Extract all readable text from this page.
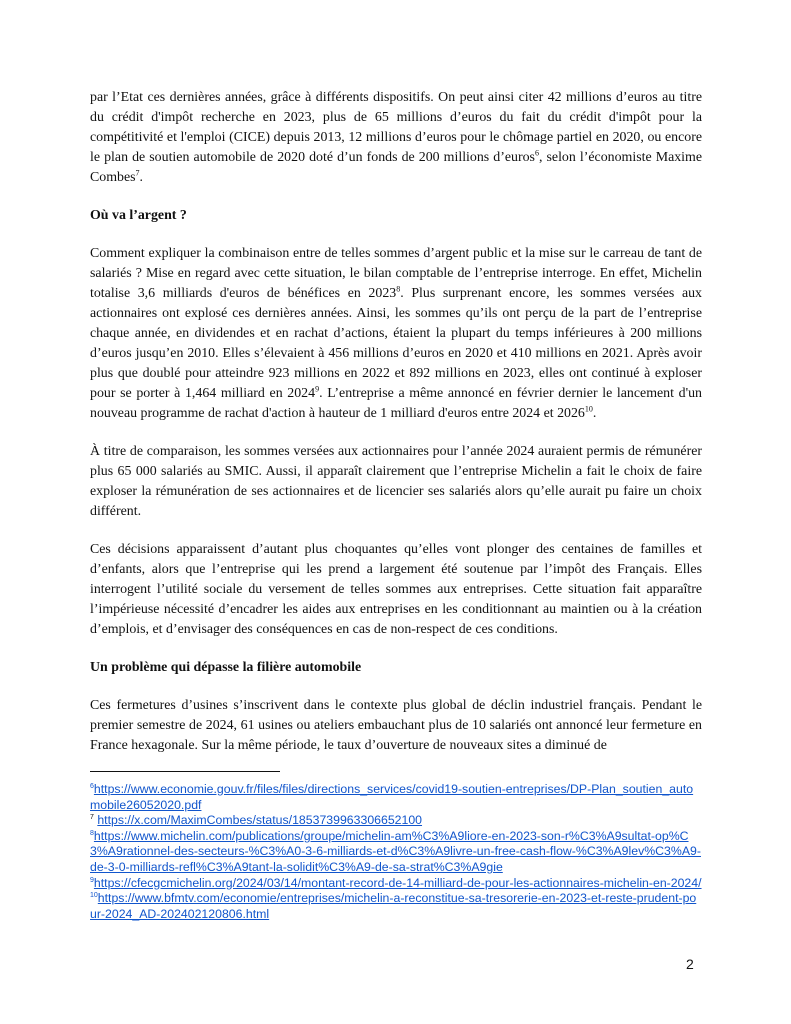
par l’Etat ces dernières années, grâce à différents dispositifs. On peut ainsi citer 42 millions d’euros au titre du crédit d'impôt recherche en 2023, plus de 65 millions d’euros du fait du crédit d'impôt pour la compétitivité et l'emploi (CICE) depuis 2013, 12 millions d’euros pour le chômage partiel en 2020, ou encore le plan de soutien automobile de 2020 doté d’un fonds de 200 millions d’euros$^6$, selon l’économiste Maxime Combes$^7$.

Où va l’argent ?

Comment expliquer la combinaison entre de telles sommes d’argent public et la mise sur le carreau de tant de salariés ? Mise en regard avec cette situation, le bilan comptable de l’entreprise interroge. En effet, Michelin totalise 3,6 milliards d'euros de bénéfices en 2023$^8$. Plus surprenant encore, les sommes versées aux actionnaires ont explosé ces dernières années. Ainsi, les sommes qu’ils ont perçu de la part de l’entreprise chaque année, en dividendes et en rachat d’actions, étaient la plupart du temps inférieures à 200 millions d’euros jusqu’en 2010. Elles s’élevaient à 456 millions d’euros en 2020 et 410 millions en 2021. Après avoir plus que doublé pour atteindre 923 millions en 2022 et 892 millions en 2023, elles ont continué à exploser pour se porter à 1,464 milliard en 2024$^9$. L’entreprise a même annoncé en février dernier le lancement d'un nouveau programme de rachat d'action à hauteur de 1 milliard d'euros entre 2024 et 2026$^{10}$.

À titre de comparaison, les sommes versées aux actionnaires pour l’année 2024 auraient permis de rémunérer plus 65 000 salariés au SMIC. Aussi, il apparaît clairement que l’entreprise Michelin a fait le choix de faire exploser la rémunération de ses actionnaires et de licencier ses salariés alors qu’elle aurait pu faire un choix différent.

Ces décisions apparaissent d’autant plus choquantes qu’elles vont plonger des centaines de familles et d’enfants, alors que l’entreprise qui les prend a largement été soutenue par l’impôt des Français. Elles interrogent l’utilité sociale du versement de telles sommes aux entreprises. Cette situation fait apparaître l’impérieuse nécessité d’encadrer les aides aux entreprises en les conditionnant au maintien ou à la création d’emplois, et d’envisager des conséquences en cas de non-respect de ces conditions.

Un problème qui dépasse la filière automobile

Ces fermetures d’usines s’inscrivent dans le contexte plus global de déclin industriel français. Pendant le premier semestre de 2024, 61 usines ou ateliers embauchant plus de 10 salariés ont annoncé leur fermeture en France hexagonale. Sur la même période, le taux d’ouverture de nouveaux sites a diminué de

$^6$https://www.economie.gouv.fr/files/files/directions_services/covid19-soutien-entreprises/DP-Plan_soutien_automobile26052020.pdf

$^7$ https://x.com/MaximCombes/status/1853739963306652100

$^8$https://www.michelin.com/publications/groupe/michelin-am%C3%A9liore-en-2023-son-r%C3%A9sultat-op%C3%A9rationnel-des-secteurs-%C3%A0-3-6-milliards-et-d%C3%A9livre-un-free-cash-flow-%C3%A9lev%C3%A9-de-3-0-milliards-refl%C3%A9tant-la-solidit%C3%A9-de-sa-strat%C3%A9gie

$^9$https://cfecgcmichelin.org/2024/03/14/montant-record-de-14-milliard-de-pour-les-actionnaires-michelin-en-2024/

$^{10}$https://www.bfmtv.com/economie/entreprises/michelin-a-reconstitue-sa-tresorerie-en-2023-et-reste-prudent-pour-2024_AD-202402120806.html

2
